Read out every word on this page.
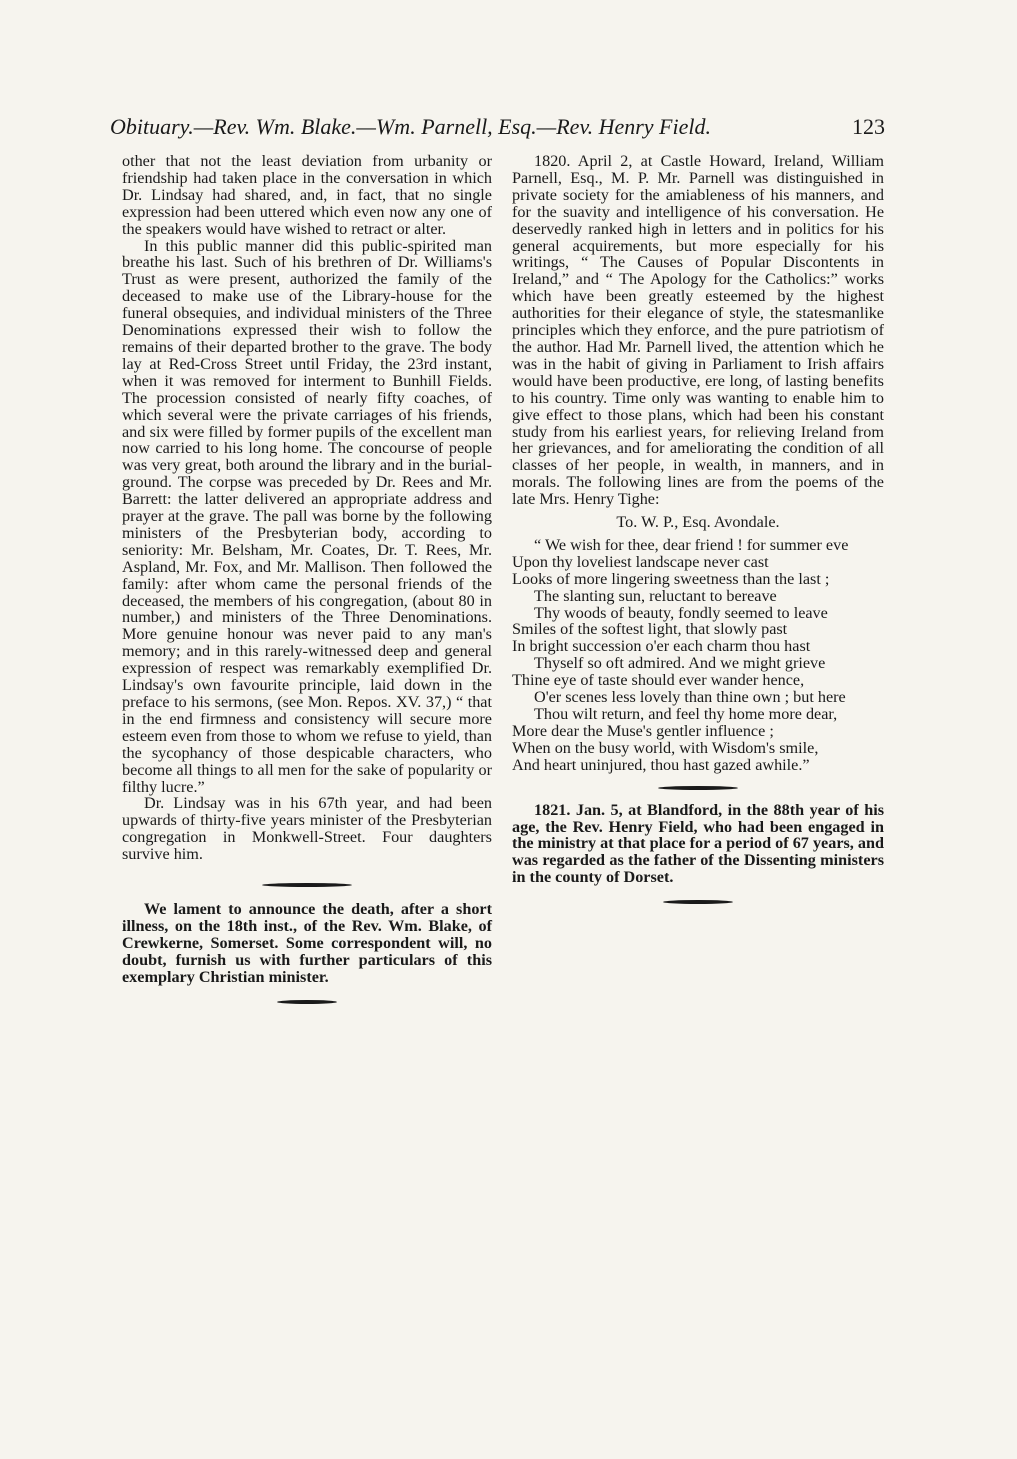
Obituary.—Rev. Wm. Blake.—Wm. Parnell, Esq.—Rev. Henry Field.	123

other that not the least deviation from urbanity or friendship had taken place in the conversation in which Dr. Lindsay had shared, and, in fact, that no single expression had been uttered which even now any one of the speakers would have wished to retract or alter.

In this public manner did this public-spirited man breathe his last. Such of his brethren of Dr. Williams's Trust as were present, authorized the family of the deceased to make use of the Library-house for the funeral obsequies, and individual ministers of the Three Denominations expressed their wish to follow the remains of their departed brother to the grave. The body lay at Red-Cross Street until Friday, the 23rd instant, when it was removed for interment to Bunhill Fields. The procession consisted of nearly fifty coaches, of which several were the private carriages of his friends, and six were filled by former pupils of the excellent man now carried to his long home. The concourse of people was very great, both around the library and in the burial-ground. The corpse was preceded by Dr. Rees and Mr. Barrett: the latter delivered an appropriate address and prayer at the grave. The pall was borne by the following ministers of the Presbyterian body, according to seniority: Mr. Belsham, Mr. Coates, Dr. T. Rees, Mr. Aspland, Mr. Fox, and Mr. Mallison. Then followed the family: after whom came the personal friends of the deceased, the members of his congregation, (about 80 in number,) and ministers of the Three Denominations. More genuine honour was never paid to any man's memory; and in this rarely-witnessed deep and general expression of respect was remarkably exemplified Dr. Lindsay's own favourite principle, laid down in the preface to his sermons, (see Mon. Repos. XV. 37,) “ that in the end firmness and consistency will secure more esteem even from those to whom we refuse to yield, than the sycophancy of those despicable characters, who become all things to all men for the sake of popularity or filthy lucre.”

Dr. Lindsay was in his 67th year, and had been upwards of thirty-five years minister of the Presbyterian congregation in Monkwell-Street. Four daughters survive him.

We lament to announce the death, after a short illness, on the 18th inst., of the Rev. Wm. Blake, of Crewkerne, Somerset. Some correspondent will, no doubt, furnish us with further particulars of this exemplary Christian minister.

1820. April 2, at Castle Howard, Ireland, William Parnell, Esq., M. P. Mr. Parnell was distinguished in private society for the amiableness of his manners, and for the suavity and intelligence of his conversation. He deservedly ranked high in letters and in politics for his general acquirements, but more especially for his writings, “ The Causes of Popular Discontents in Ireland,” and “ The Apology for the Catholics:” works which have been greatly esteemed by the highest authorities for their elegance of style, the statesmanlike principles which they enforce, and the pure patriotism of the author. Had Mr. Parnell lived, the attention which he was in the habit of giving in Parliament to Irish affairs would have been productive, ere long, of lasting benefits to his country. Time only was wanting to enable him to give effect to those plans, which had been his constant study from his earliest years, for relieving Ireland from her grievances, and for ameliorating the condition of all classes of her people, in wealth, in manners, and in morals. The following lines are from the poems of the late Mrs. Henry Tighe:

To. W. P., Esq. Avondale.

“ We wish for thee, dear friend ! for summer eve

Upon thy loveliest landscape never cast

Looks of more lingering sweetness than the last ;

The slanting sun, reluctant to bereave

Thy woods of beauty, fondly seemed to leave

Smiles of the softest light, that slowly past

In bright succession o'er each charm thou hast

Thyself so oft admired. And we might grieve

Thine eye of taste should ever wander hence,

O'er scenes less lovely than thine own ; but here

Thou wilt return, and feel thy home more dear,

More dear the Muse's gentler influence ;

When on the busy world, with Wisdom's smile,

And heart uninjured, thou hast gazed awhile.”

1821. Jan. 5, at Blandford, in the 88th year of his age, the Rev. Henry Field, who had been engaged in the ministry at that place for a period of 67 years, and was regarded as the father of the Dissenting ministers in the county of Dorset.
